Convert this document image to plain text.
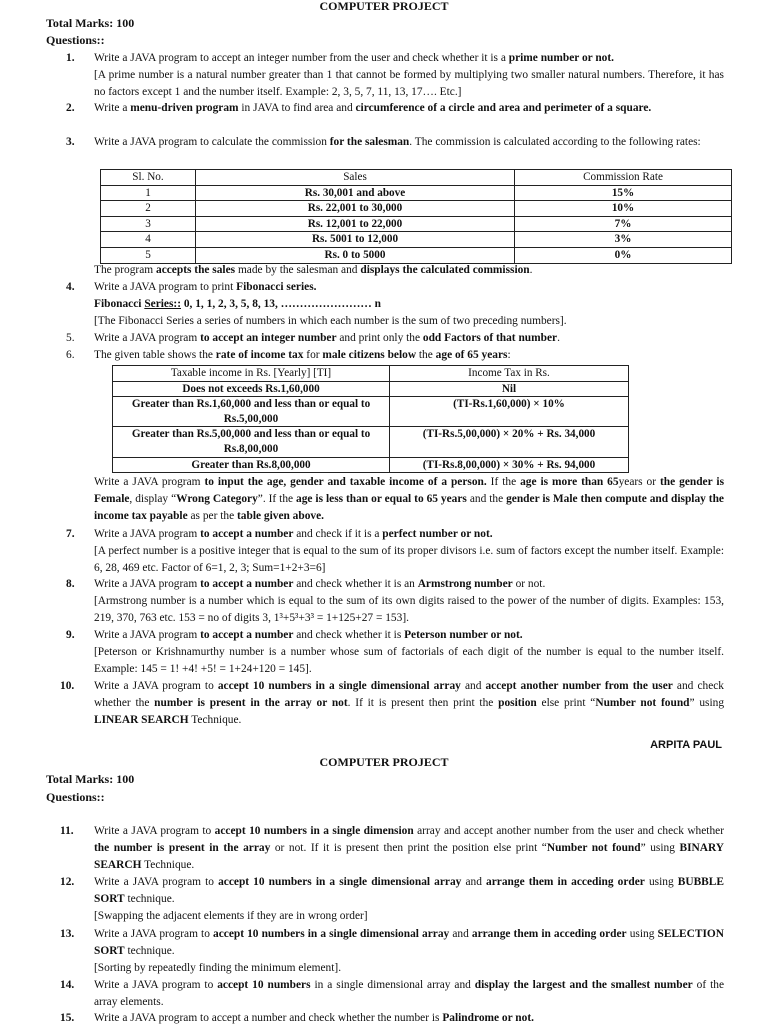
COMPUTER PROJECT
Total Marks: 100
Questions::
1.	Write a JAVA program to accept an integer number from the user and check whether it is a prime number or not.
[A prime number is a natural number greater than 1 that cannot be formed by multiplying two smaller natural numbers. Therefore, it has no factors except 1 and the number itself. Example: 2, 3, 5, 7, 11, 13, 17…. Etc.]
2.	Write a menu-driven program in JAVA to find area and circumference of a circle and area and perimeter of a square.
3.	Write a JAVA program to calculate the commission for the salesman. The commission is calculated according to the following rates:
Sl. No.	Sales	Commission Rate
1	Rs. 30,001 and above	15%
2	Rs. 22,001 to 30,000	10%
3	Rs. 12,001 to 22,000	7%
4	Rs. 5001 to 12,000	3%
5	Rs. 0 to 5000	0%
The program accepts the sales made by the salesman and displays the calculated commission.
4.	Write a JAVA program to print Fibonacci series.
Fibonacci Series:: 0, 1, 1, 2, 3, 5, 8, 13, …………………… n
[The Fibonacci Series a series of numbers in which each number is the sum of two preceding numbers].
5.	Write a JAVA program to accept an integer number and print only the odd Factors of that number.
6.	The given table shows the rate of income tax for male citizens below the age of 65 years:
Taxable income in Rs. [Yearly] [TI]	Income Tax in Rs.
Does not exceeds Rs.1,60,000	Nil
Greater than Rs.1,60,000 and less than or equal to Rs.5,00,000	(TI-Rs.1,60,000) × 10%
Greater than Rs.5,00,000 and less than or equal to Rs.8,00,000	(TI-Rs.5,00,000) × 20% + Rs. 34,000
Greater than Rs.8,00,000	(TI-Rs.8,00,000) × 30% + Rs. 94,000
Write a JAVA program to input the age, gender and taxable income of a person. If the age is more than 65years or the gender is Female, display “Wrong Category”. If the age is less than or equal to 65 years and the gender is Male then compute and display the income tax payable as per the table given above.
7.	Write a JAVA program to accept a number and check if it is a perfect number or not.
[A perfect number is a positive integer that is equal to the sum of its proper divisors i.e. sum of factors except the number itself. Example: 6, 28, 469 etc. Factor of 6=1, 2, 3; Sum=1+2+3=6]
8.	Write a JAVA program to accept a number and check whether it is an Armstrong number or not.
[Armstrong number is a number which is equal to the sum of its own digits raised to the power of the number of digits. Examples: 153, 219, 370, 763 etc. 153 = no of digits 3, 1³+5³+3³ = 1+125+27 = 153].
9.	Write a JAVA program to accept a number and check whether it is Peterson number or not.
[Peterson or Krishnamurthy number is a number whose sum of factorials of each digit of the number is equal to the number itself. Example: 145 = 1! +4! +5! = 1+24+120 = 145].
10.	Write a JAVA program to accept 10 numbers in a single dimensional array and accept another number from the user and check whether the number is present in the array or not. If it is present then print the position else print “Number not found” using LINEAR SEARCH Technique.
ARPITA PAUL
COMPUTER PROJECT
Total Marks: 100
Questions::
11.	Write a JAVA program to accept 10 numbers in a single dimension array and accept another number from the user and check whether the number is present in the array or not. If it is present then print the position else print “Number not found” using BINARY SEARCH Technique.
12.	Write a JAVA program to accept 10 numbers in a single dimensional array and arrange them in acceding order using BUBBLE SORT technique.
[Swapping the adjacent elements if they are in wrong order]
13.	Write a JAVA program to accept 10 numbers in a single dimensional array and arrange them in acceding order using SELECTION SORT technique.
[Sorting by repeatedly finding the minimum element].
14.	Write a JAVA program to accept 10 numbers in a single dimensional array and display the largest and the smallest number of the array elements.
15.	Write a JAVA program to accept a number and check whether the number is Palindrome or not.
